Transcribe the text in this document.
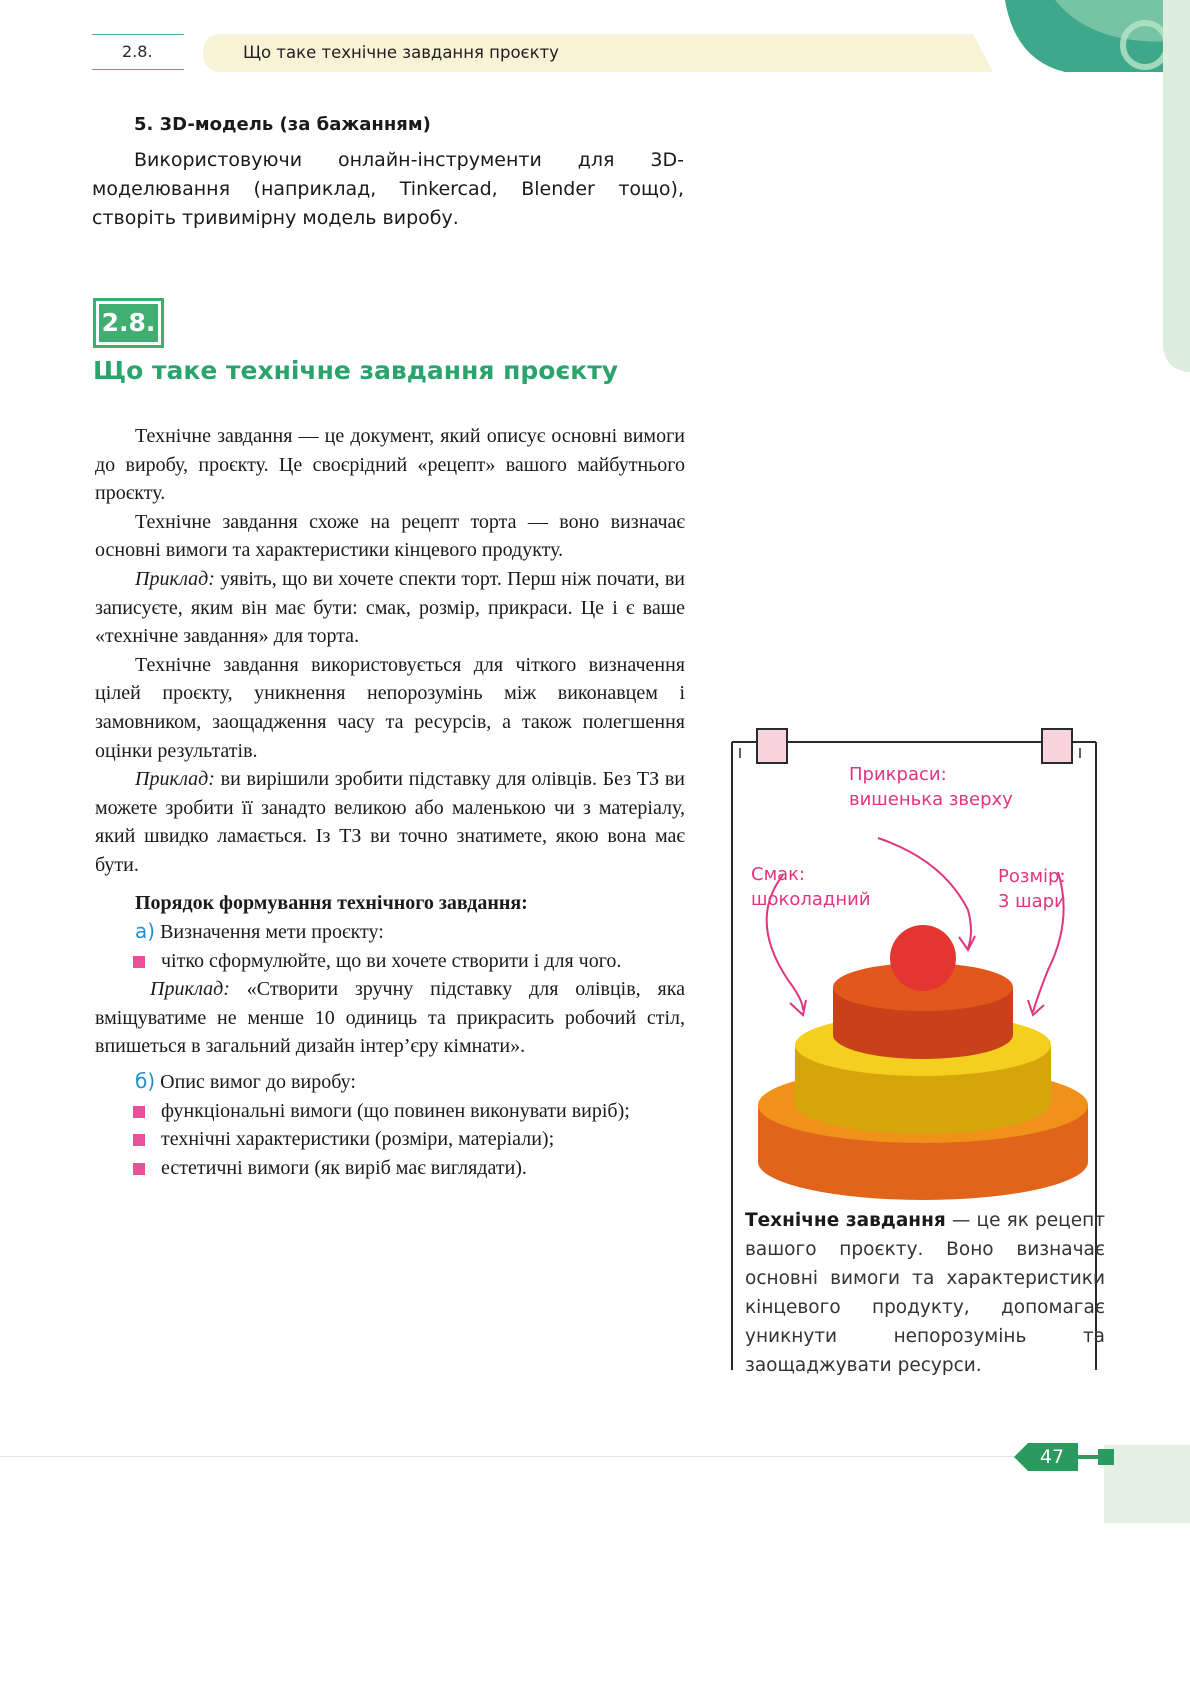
2.8.	Що таке технічне завдання проєкту
5. 3D-модель (за бажанням)
Використовуючи онлайн-інструменти для 3D-моделювання (наприклад, Tinkercad, Blender тощо), створіть тривимірну модель виробу.
2.8.
Що таке технічне завдання проєкту

Технічне завдання — це документ, який описує основні вимоги до виробу, проєкту. Це своєрідний «рецепт» вашого майбутнього проєкту.

Технічне завдання схоже на рецепт торта — воно визначає основні вимоги та характеристики кінцевого продукту.

Приклад: уявіть, що ви хочете спекти торт. Перш ніж почати, ви записуєте, яким він має бути: смак, розмір, прикраси. Це і є ваше «технічне завдання» для торта.

Технічне завдання використовується для чіткого визначення цілей проєкту, уникнення непорозумінь між виконавцем і замовником, заощадження часу та ресурсів, а також полегшення оцінки результатів.

Приклад: ви вирішили зробити підставку для олівців. Без ТЗ ви можете зробити її занадто великою або маленькою чи з матеріалу, який швидко ламається. Із ТЗ ви точно знатимете, якою вона має бути.

Порядок формування технічного завдання:

а) Визначення мети проєкту:

чітко сформулюйте, що ви хочете створити і для чого.

Приклад: «Створити зручну підставку для олівців, яка вміщуватиме не менше 10 одиниць та прикрасить робочий стіл, впишеться в загальний дизайн інтер’єру кімнати».

б) Опис вимог до виробу:

функціональні вимоги (що повинен виконувати виріб);
технічні характеристики (розміри, матеріали);
естетичні вимоги (як виріб має виглядати).
Прикраси:
вишенька зверху
Смак:
шоколадний
Розмір:
3 шари
Технічне завдання — це як рецепт вашого проєкту. Воно визначає основні вимоги та характеристики кінцевого продукту, допомагає уникнути непорозумінь та заощаджувати ресурси.
47
